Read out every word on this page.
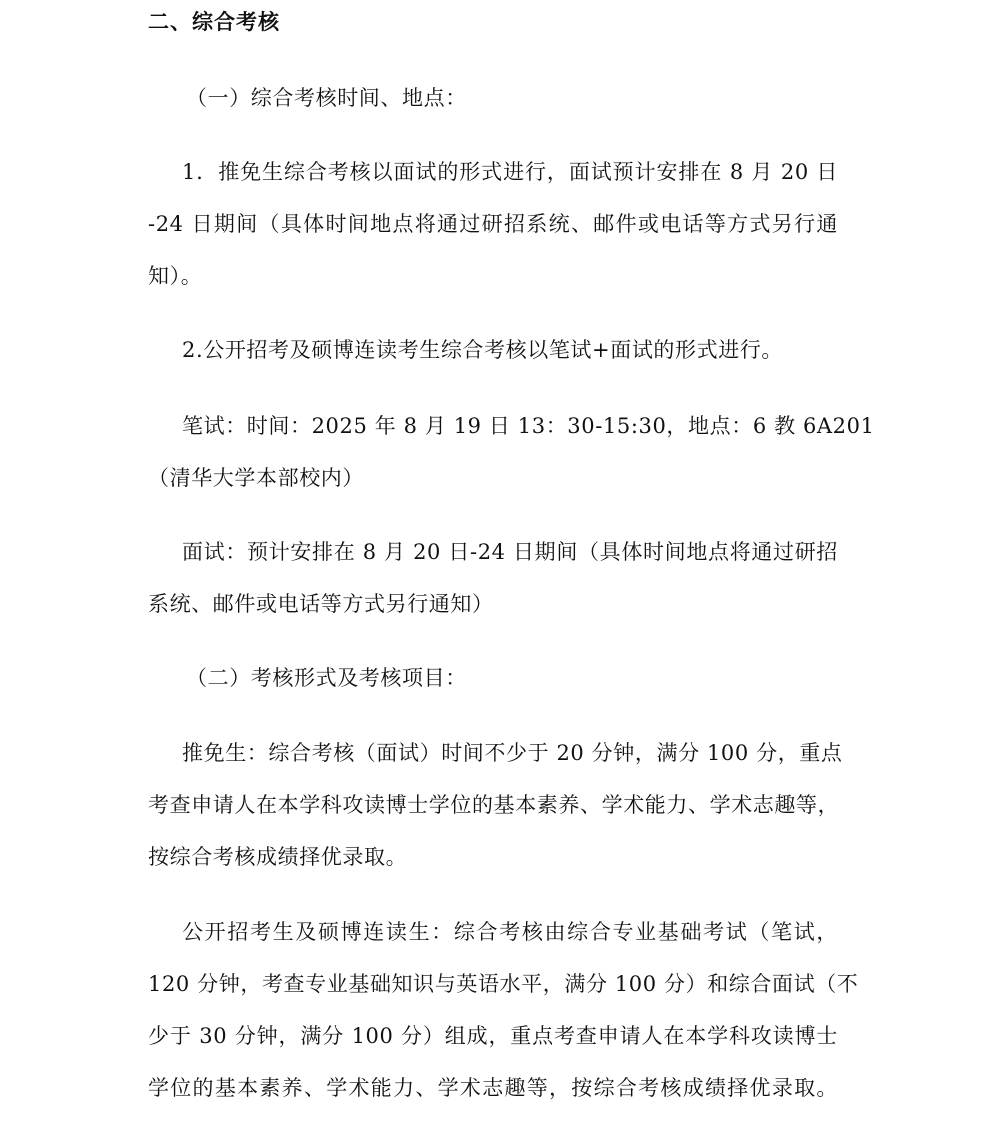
二、综合考核
（一）综合考核时间、地点：
1．推免生综合考核以面试的形式进行，面试预计安排在 8 月 20 日
-24 日期间（具体时间地点将通过研招系统、邮件或电话等方式另行通
知）。
2.公开招考及硕博连读考生综合考核以笔试+面试的形式进行。
笔试：时间：2025 年 8 月 19 日 13：30-15:30，地点：6 教 6A201
（清华大学本部校内）
面试：预计安排在 8 月 20 日-24 日期间（具体时间地点将通过研招
系统、邮件或电话等方式另行通知）
（二）考核形式及考核项目：
推免生：综合考核（面试）时间不少于 20 分钟，满分 100 分，重点
考查申请人在本学科攻读博士学位的基本素养、学术能力、学术志趣等，
按综合考核成绩择优录取。
公开招考生及硕博连读生：综合考核由综合专业基础考试（笔试，
120 分钟，考查专业基础知识与英语水平，满分 100 分）和综合面试（不
少于 30 分钟，满分 100 分）组成，重点考查申请人在本学科攻读博士
学位的基本素养、学术能力、学术志趣等，按综合考核成绩择优录取。
